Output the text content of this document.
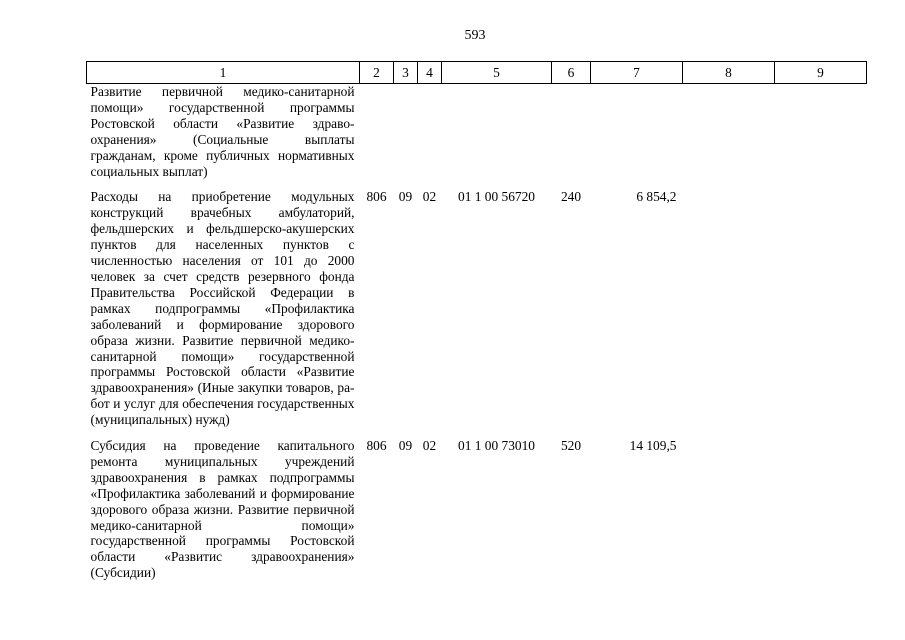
593
1	2	3	4	5	6	7	8	9
Развитие первичной медико-санитарной помощи» государственной программы Ростовской области «Развитие здравоохранения» (Социальные выплаты гражданам, кроме публичных нормативных социальных выплат)								
Расходы на приобретение модульных конструкций врачебных амбулаторий, фельдшерских и фельдшерско-акушерских пунктов для населенных пунктов с численностью населения от 101 до 2000 человек за счет средств резервного фонда Правительства Российской Федерации в рамках подпрограммы «Профилактика заболеваний и формирование здорового образа жизни. Развитие первичной медико-санитарной помощи» государственной программы Ростовской области «Развитие здравоохранения» (Иные закупки товаров, работ и услуг для обеспечения государственных (муниципальных) нужд)	806	09	02	01 1 00 56720	240	6 854,2		
Субсидия на проведение капитального ремонта муниципальных учреждений здравоохранения в рамках подпрограммы «Профилактика заболеваний и формирование здорового образа жизни. Развитие первичной медико-санитарной помощи» государственной программы Ростовской области «Развитис здравоохранения» (Субсидии)	806	09	02	01 1 00 73010	520	14 109,5		
